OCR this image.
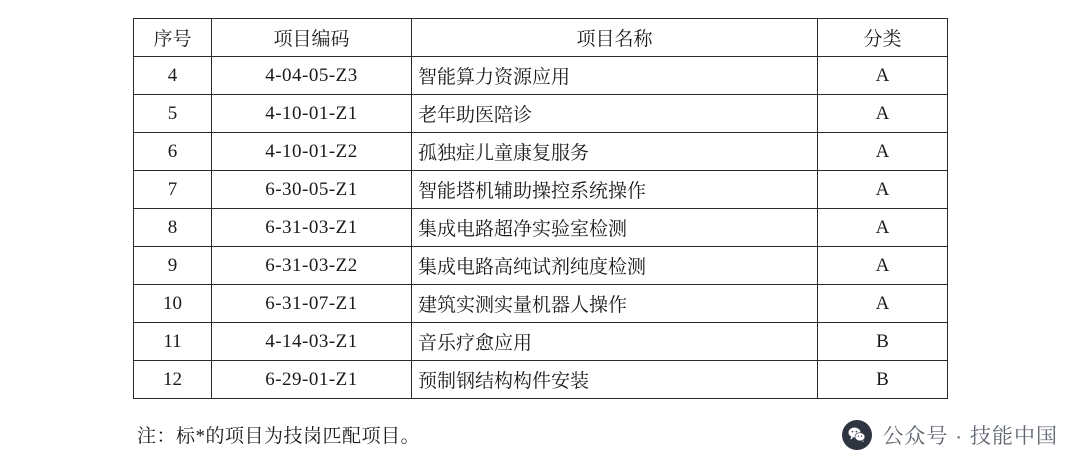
序号	项目编码	项目名称	分类
4	4-04-05-Z3	智能算力资源应用	A
5	4-10-01-Z1	老年助医陪诊	A
6	4-10-01-Z2	孤独症儿童康复服务	A
7	6-30-05-Z1	智能塔机辅助操控系统操作	A
8	6-31-03-Z1	集成电路超净实验室检测	A
9	6-31-03-Z2	集成电路高纯试剂纯度检测	A
10	6-31-07-Z1	建筑实测实量机器人操作	A
11	4-14-03-Z1	音乐疗愈应用	B
12	6-29-01-Z1	预制钢结构构件安装	B
注：标*的项目为技岗匹配项目。	公众号 · 技能中国
